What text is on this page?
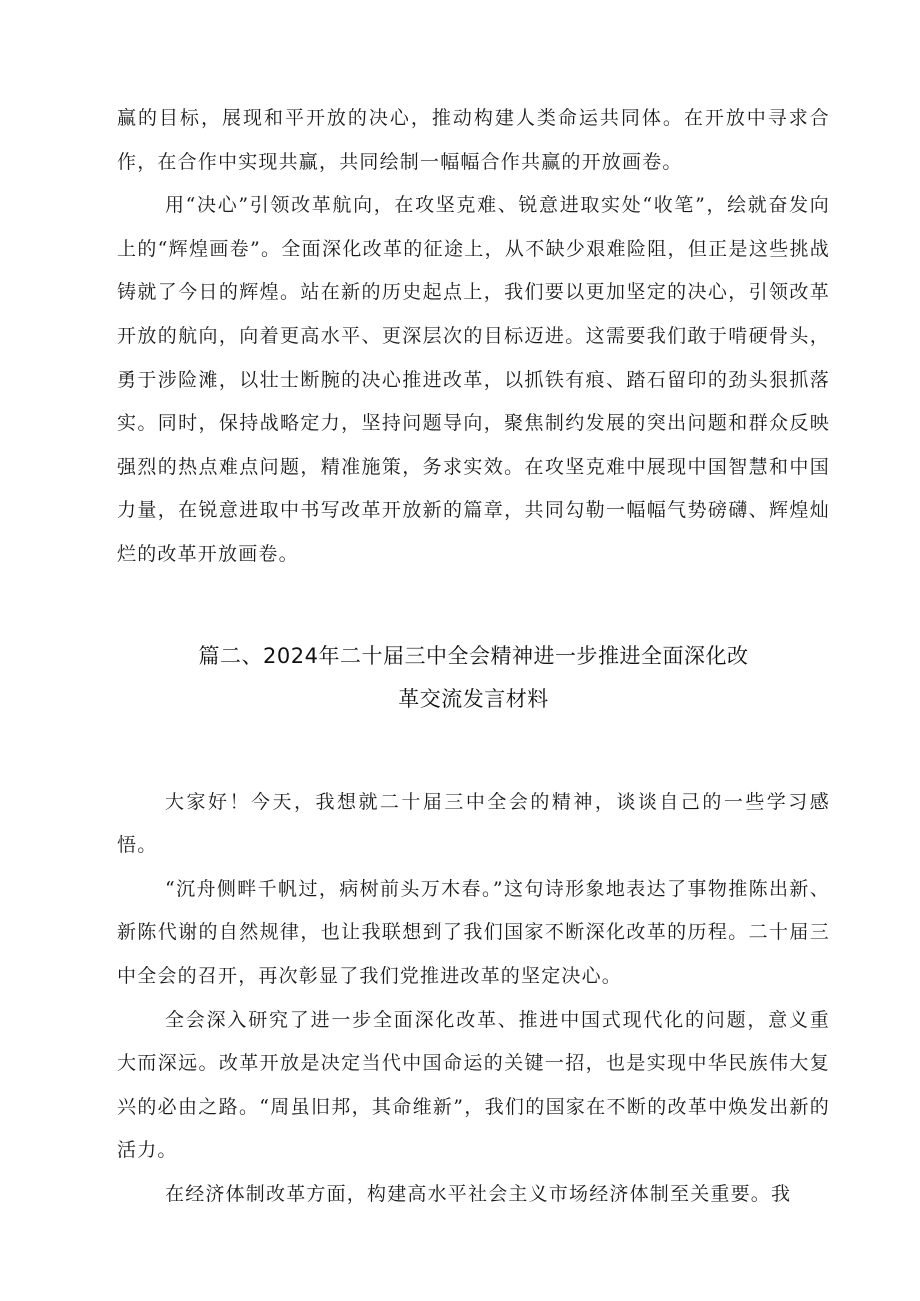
赢的目标，展现和平开放的决心，推动构建人类命运共同体。在开放中寻求合作，在合作中实现共赢，共同绘制一幅幅合作共赢的开放画卷。

用“决心”引领改革航向，在攻坚克难、锐意进取实处“收笔”，绘就奋发向上的“辉煌画卷”。全面深化改革的征途上，从不缺少艰难险阻，但正是这些挑战铸就了今日的辉煌。站在新的历史起点上，我们要以更加坚定的决心，引领改革开放的航向，向着更高水平、更深层次的目标迈进。这需要我们敢于啃硬骨头，勇于涉险滩，以壮士断腕的决心推进改革，以抓铁有痕、踏石留印的劲头狠抓落实。同时，保持战略定力，坚持问题导向，聚焦制约发展的突出问题和群众反映强烈的热点难点问题，精准施策，务求实效。在攻坚克难中展现中国智慧和中国力量，在锐意进取中书写改革开放新的篇章，共同勾勒一幅幅气势磅礴、辉煌灿烂的改革开放画卷。

篇二、2024年二十届三中全会精神进一步推进全面深化改

革交流发言材料

大家好！今天，我想就二十届三中全会的精神，谈谈自己的一些学习感悟。

“沉舟侧畔千帆过，病树前头万木春。”这句诗形象地表达了事物推陈出新、新陈代谢的自然规律，也让我联想到了我们国家不断深化改革的历程。二十届三中全会的召开，再次彰显了我们党推进改革的坚定决心。

全会深入研究了进一步全面深化改革、推进中国式现代化的问题，意义重大而深远。改革开放是决定当代中国命运的关键一招，也是实现中华民族伟大复兴的必由之路。“周虽旧邦，其命维新”，我们的国家在不断的改革中焕发出新的活力。

在经济体制改革方面，构建高水平社会主义市场经济体制至关重要。我
